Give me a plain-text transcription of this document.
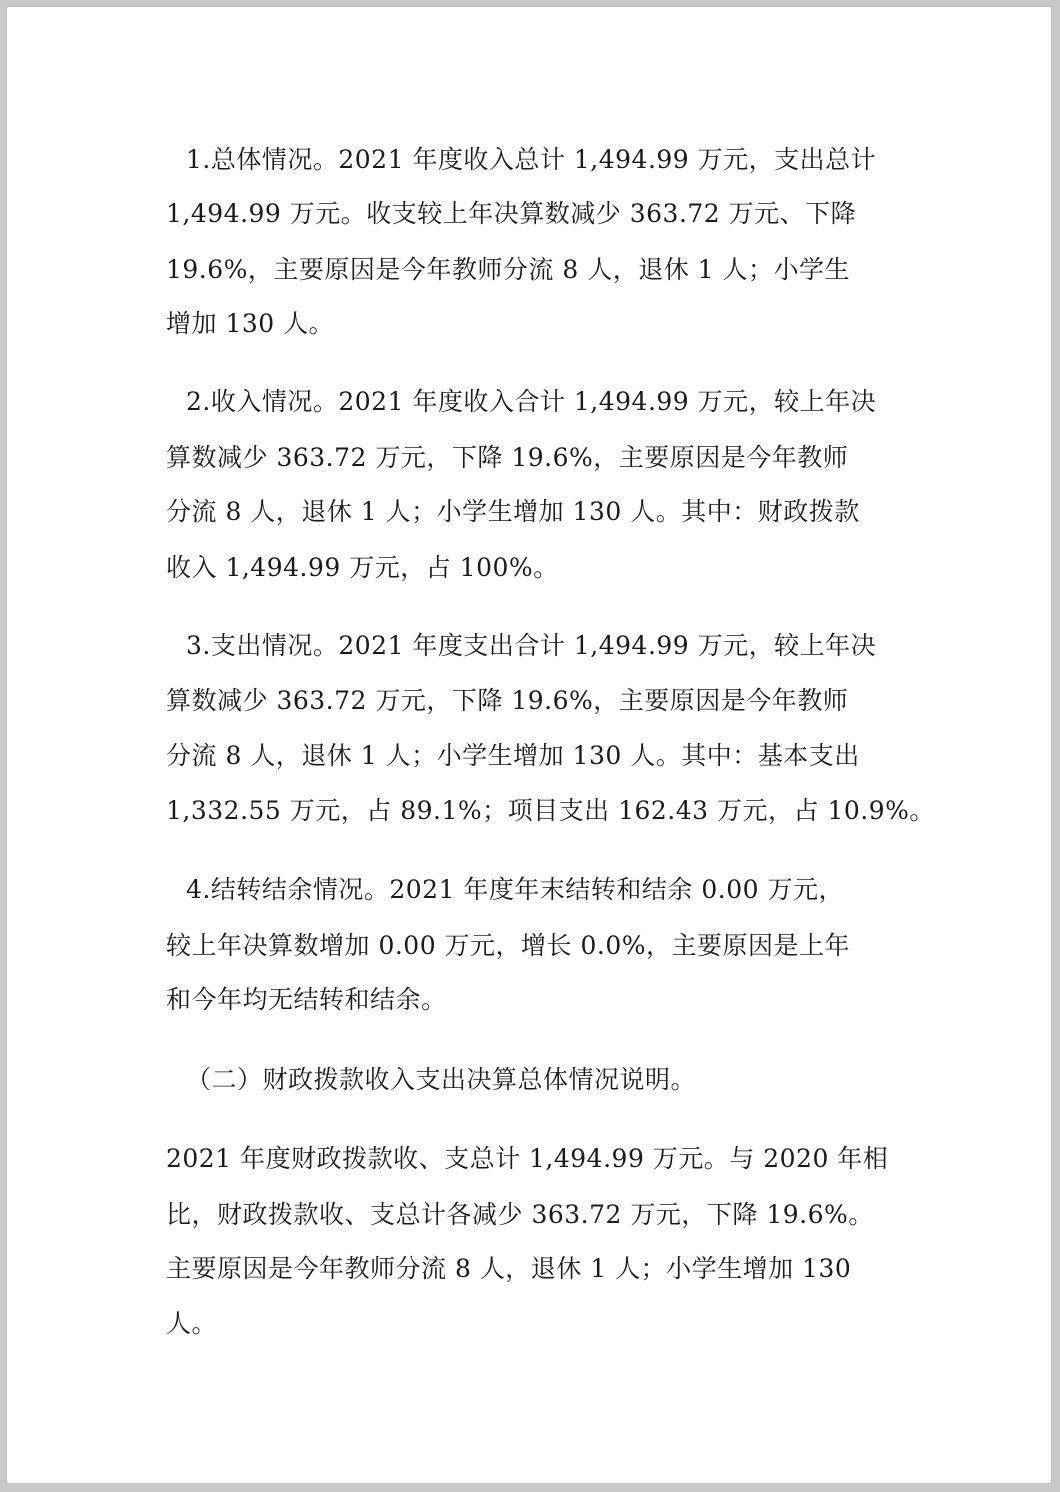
1.总体情况。2021 年度收入总计 1,494.99 万元，支出总计

1,494.99 万元。收支较上年决算数减少 363.72 万元、下降

19.6%，主要原因是今年教师分流 8 人，退休 1 人；小学生

增加 130 人。

2.收入情况。2021 年度收入合计 1,494.99 万元，较上年决

算数减少 363.72 万元，下降 19.6%，主要原因是今年教师

分流 8 人，退休 1 人；小学生增加 130 人。其中：财政拨款

收入 1,494.99 万元，占 100%。

3.支出情况。2021 年度支出合计 1,494.99 万元，较上年决

算数减少 363.72 万元，下降 19.6%，主要原因是今年教师

分流 8 人，退休 1 人；小学生增加 130 人。其中：基本支出

1,332.55 万元，占 89.1%；项目支出 162.43 万元，占 10.9%。

4.结转结余情况。2021 年度年末结转和结余 0.00 万元，

较上年决算数增加 0.00 万元，增长 0.0%，主要原因是上年

和今年均无结转和结余。

（二）财政拨款收入支出决算总体情况说明。

2021 年度财政拨款收、支总计 1,494.99 万元。与 2020 年相

比，财政拨款收、支总计各减少 363.72 万元，下降 19.6%。

主要原因是今年教师分流 8 人，退休 1 人；小学生增加 130

人。
